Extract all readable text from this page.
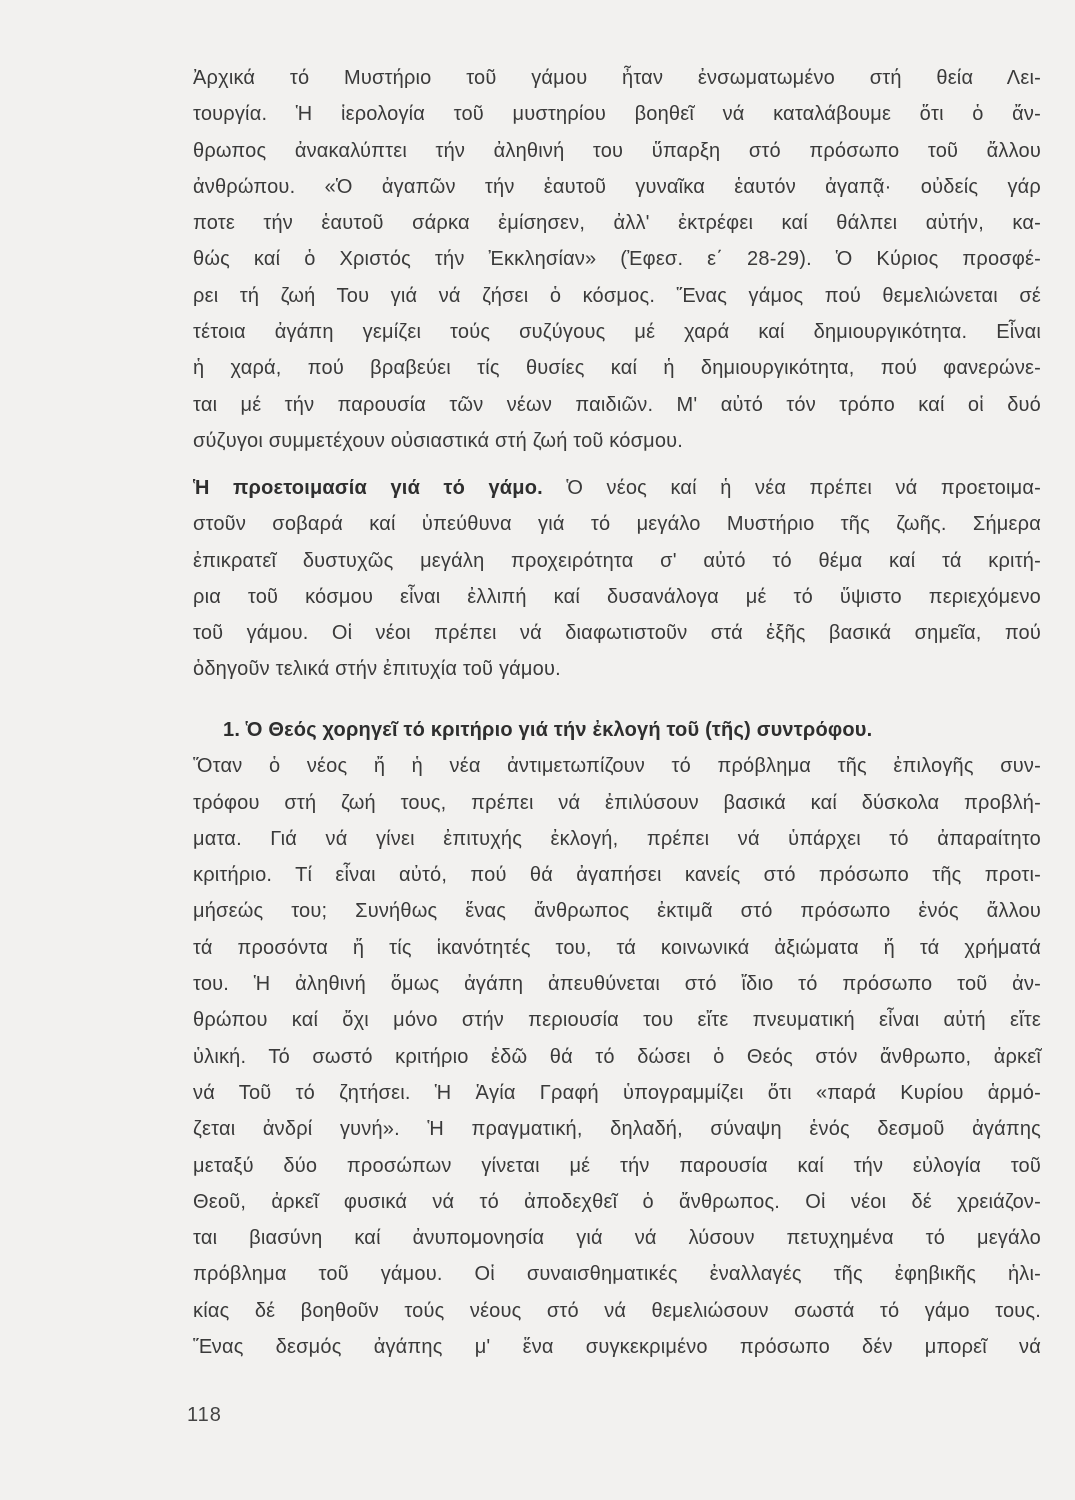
Ἀρχικά τό Μυστήριο τοῦ γάμου ἦταν ἐνσωματωμένο στή θεία Λει-
τουργία. Ἡ ἱερολογία τοῦ μυστηρίου βοηθεῖ νά καταλάβουμε ὅτι ὁ ἄν-
θρωπος ἀνακαλύπτει τήν ἀληθινή του ὕπαρξη στό πρόσωπο τοῦ ἄλλου
ἀνθρώπου. «Ὁ ἀγαπῶν τήν ἑαυτοῦ γυναῖκα ἑαυτόν ἀγαπᾷ· οὐδείς γάρ
ποτε τήν ἑαυτοῦ σάρκα ἐμίσησεν, ἀλλ' ἐκτρέφει καί θάλπει αὐτήν, κα-
θώς καί ὁ Χριστός τήν Ἐκκλησίαν» (Ἐφεσ. ε΄ 28-29). Ὁ Κύριος προσφέ-
ρει τή ζωή Του γιά νά ζήσει ὁ κόσμος. Ἕνας γάμος πού θεμελιώνεται σέ
τέτοια ἀγάπη γεμίζει τούς συζύγους μέ χαρά καί δημιουργικότητα. Εἶναι
ἡ χαρά, πού βραβεύει τίς θυσίες καί ἡ δημιουργικότητα, πού φανερώνε-
ται μέ τήν παρουσία τῶν νέων παιδιῶν. Μ' αὐτό τόν τρόπο καί οἱ δυό
σύζυγοι συμμετέχουν οὐσιαστικά στή ζωή τοῦ κόσμου.
Ἡ προετοιμασία γιά τό γάμο. Ὁ νέος καί ἡ νέα πρέπει νά προετοιμα-
στοῦν σοβαρά καί ὑπεύθυνα γιά τό μεγάλο Μυστήριο τῆς ζωῆς. Σήμερα
ἐπικρατεῖ δυστυχῶς μεγάλη προχειρότητα σ' αὐτό τό θέμα καί τά κριτή-
ρια τοῦ κόσμου εἶναι ἐλλιπή καί δυσανάλογα μέ τό ὕψιστο περιεχόμενο
τοῦ γάμου. Οἱ νέοι πρέπει νά διαφωτιστοῦν στά ἑξῆς βασικά σημεῖα, πού
ὁδηγοῦν τελικά στήν ἐπιτυχία τοῦ γάμου.
1. Ὁ Θεός χορηγεῖ τό κριτήριο γιά τήν ἐκλογή τοῦ (τῆς) συντρόφου.
Ὅταν ὁ νέος ἤ ἡ νέα ἀντιμετωπίζουν τό πρόβλημα τῆς ἐπιλογῆς συν-
τρόφου στή ζωή τους, πρέπει νά ἐπιλύσουν βασικά καί δύσκολα προβλή-
ματα. Γιά νά γίνει ἐπιτυχής ἐκλογή, πρέπει νά ὑπάρχει τό ἀπαραίτητο
κριτήριο. Τί εἶναι αὐτό, πού θά ἀγαπήσει κανείς στό πρόσωπο τῆς προτι-
μήσεώς του; Συνήθως ἕνας ἄνθρωπος ἐκτιμᾶ στό πρόσωπο ἑνός ἄλλου
τά προσόντα ἤ τίς ἱκανότητές του, τά κοινωνικά ἀξιώματα ἤ τά χρήματά
του. Ἡ ἀληθινή ὅμως ἀγάπη ἀπευθύνεται στό ἴδιο τό πρόσωπο τοῦ ἀν-
θρώπου καί ὄχι μόνο στήν περιουσία του εἴτε πνευματική εἶναι αὐτή εἴτε
ὑλική. Τό σωστό κριτήριο ἐδῶ θά τό δώσει ὁ Θεός στόν ἄνθρωπο, ἀρκεῖ
νά Τοῦ τό ζητήσει. Ἡ Ἁγία Γραφή ὑπογραμμίζει ὅτι «παρά Κυρίου ἁρμό-
ζεται ἀνδρί γυνή». Ἡ πραγματική, δηλαδή, σύναψη ἑνός δεσμοῦ ἀγάπης
μεταξύ δύο προσώπων γίνεται μέ τήν παρουσία καί τήν εὐλογία τοῦ
Θεοῦ, ἀρκεῖ φυσικά νά τό ἀποδεχθεῖ ὁ ἄνθρωπος. Οἱ νέοι δέ χρειάζον-
ται βιασύνη καί ἀνυπομονησία γιά νά λύσουν πετυχημένα τό μεγάλο
πρόβλημα τοῦ γάμου. Οἱ συναισθηματικές ἐναλλαγές τῆς ἐφηβικῆς ἡλι-
κίας δέ βοηθοῦν τούς νέους στό νά θεμελιώσουν σωστά τό γάμο τους.
Ἕνας δεσμός ἀγάπης μ' ἕνα συγκεκριμένο πρόσωπο δέν μπορεῖ νά
118
